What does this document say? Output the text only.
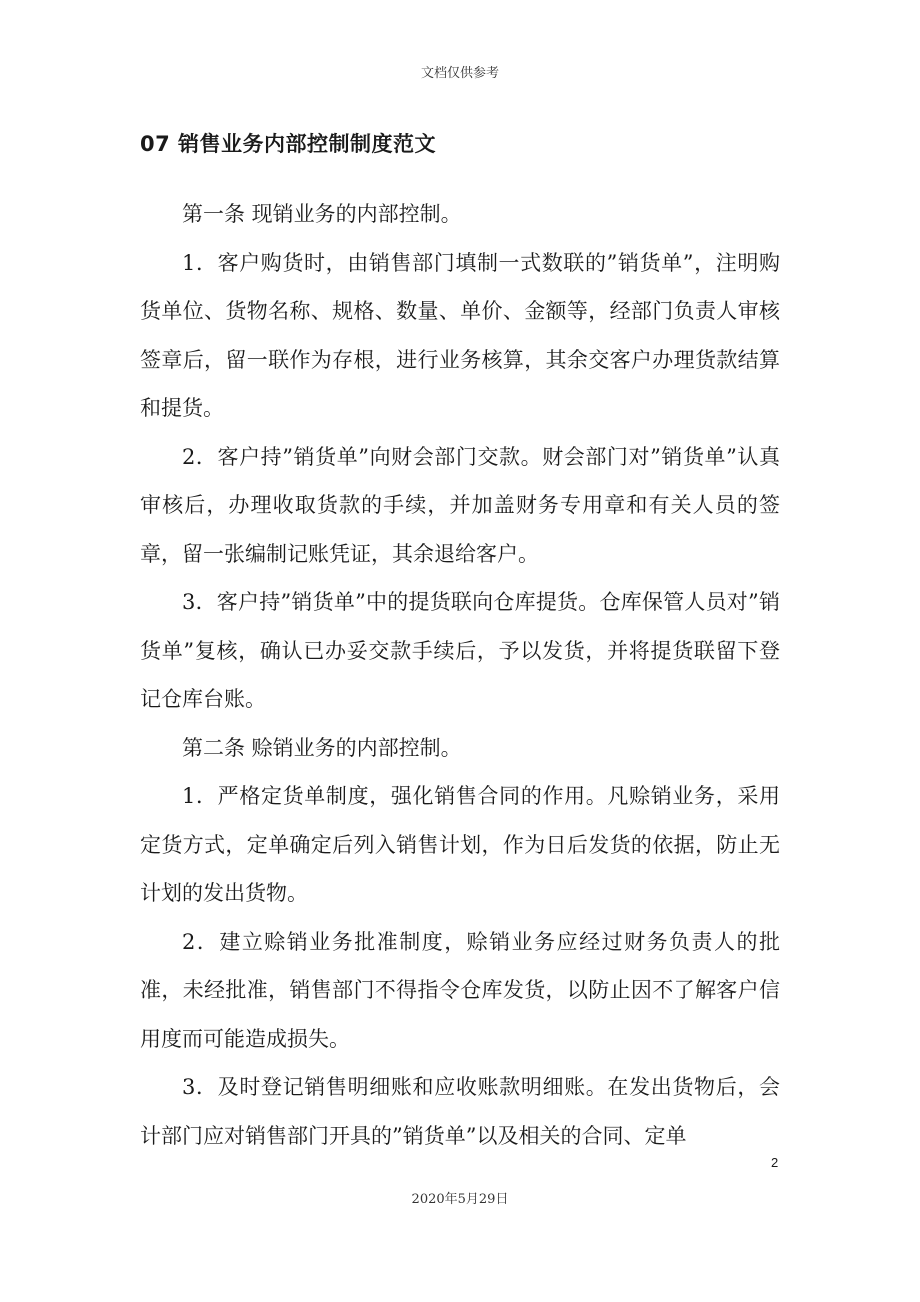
文档仅供参考
07 销售业务内部控制制度范文

第一条 现销业务的内部控制。

1．客户购货时，由销售部门填制一式数联的”销货单”，注明购货单位、货物名称、规格、数量、单价、金额等，经部门负责人审核签章后，留一联作为存根，进行业务核算，其余交客户办理货款结算和提货。

2．客户持”销货单”向财会部门交款。财会部门对”销货单”认真审核后，办理收取货款的手续，并加盖财务专用章和有关人员的签章，留一张编制记账凭证，其余退给客户。

3．客户持”销货单”中的提货联向仓库提货。仓库保管人员对”销货单”复核，确认已办妥交款手续后，予以发货，并将提货联留下登记仓库台账。

第二条 赊销业务的内部控制。

1．严格定货单制度，强化销售合同的作用。凡赊销业务，采用定货方式，定单确定后列入销售计划，作为日后发货的依据，防止无计划的发出货物。

2．建立赊销业务批准制度，赊销业务应经过财务负责人的批准，未经批准，销售部门不得指令仓库发货，以防止因不了解客户信用度而可能造成损失。

3．及时登记销售明细账和应收账款明细账。在发出货物后，会计部门应对销售部门开具的”销货单”以及相关的合同、定单

2
2020年5月29日
